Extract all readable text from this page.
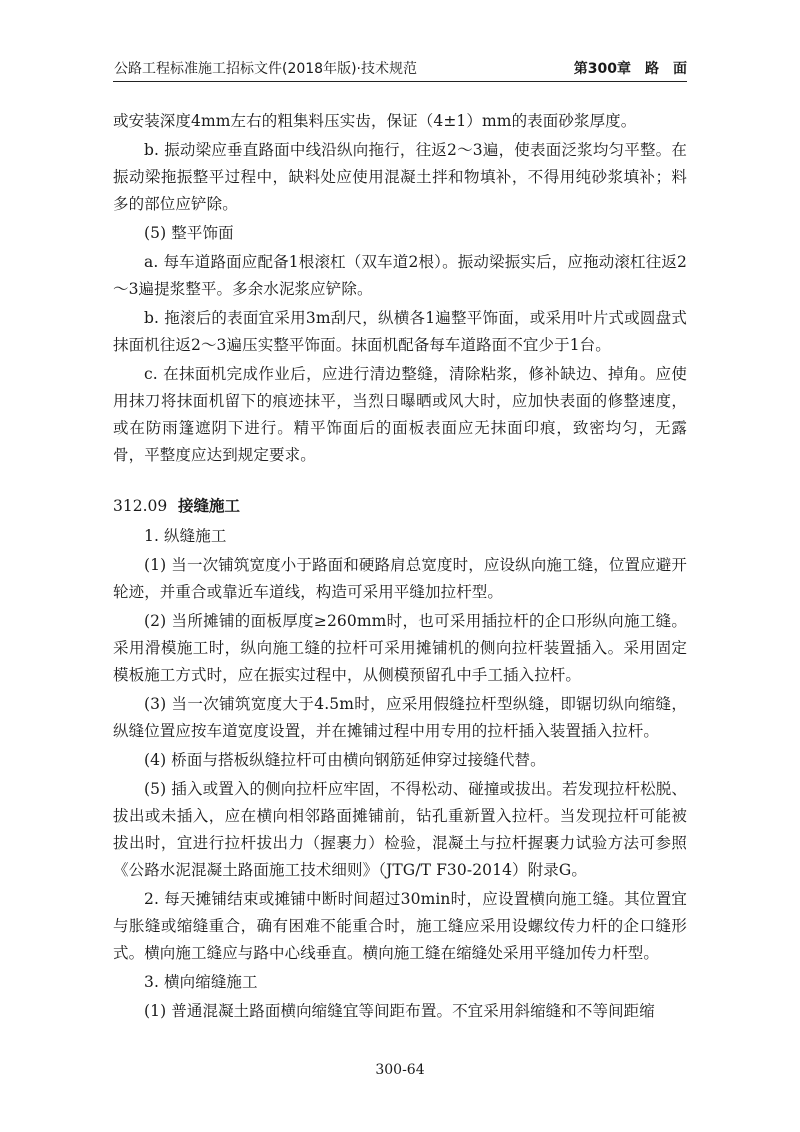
公路工程标准施工招标文件(2018年版)·技术规范	第300章　路　面

或安装深度4mm左右的粗集料压实齿，保证（4±1）mm的表面砂浆厚度。

b. 振动梁应垂直路面中线沿纵向拖行，往返2～3遍，使表面泛浆均匀平整。在振动梁拖振整平过程中，缺料处应使用混凝土拌和物填补，不得用纯砂浆填补；料多的部位应铲除。

(5) 整平饰面

a. 每车道路面应配备1根滚杠（双车道2根）。振动梁振实后，应拖动滚杠往返2～3遍提浆整平。多余水泥浆应铲除。

b. 拖滚后的表面宜采用3m刮尺，纵横各1遍整平饰面，或采用叶片式或圆盘式抹面机往返2～3遍压实整平饰面。抹面机配备每车道路面不宜少于1台。

c. 在抹面机完成作业后，应进行清边整缝，清除粘浆，修补缺边、掉角。应使用抹刀将抹面机留下的痕迹抹平，当烈日曝晒或风大时，应加快表面的修整速度，或在防雨篷遮阴下进行。精平饰面后的面板表面应无抹面印痕，致密均匀，无露骨，平整度应达到规定要求。

312.09 接缝施工

1. 纵缝施工

(1) 当一次铺筑宽度小于路面和硬路肩总宽度时，应设纵向施工缝，位置应避开轮迹，并重合或靠近车道线，构造可采用平缝加拉杆型。

(2) 当所摊铺的面板厚度≥260mm时，也可采用插拉杆的企口形纵向施工缝。采用滑模施工时，纵向施工缝的拉杆可采用摊铺机的侧向拉杆装置插入。采用固定模板施工方式时，应在振实过程中，从侧模预留孔中手工插入拉杆。

(3) 当一次铺筑宽度大于4.5m时，应采用假缝拉杆型纵缝，即锯切纵向缩缝，纵缝位置应按车道宽度设置，并在摊铺过程中用专用的拉杆插入装置插入拉杆。

(4) 桥面与搭板纵缝拉杆可由横向钢筋延伸穿过接缝代替。

(5) 插入或置入的侧向拉杆应牢固，不得松动、碰撞或拔出。若发现拉杆松脱、拔出或未插入，应在横向相邻路面摊铺前，钻孔重新置入拉杆。当发现拉杆可能被拔出时，宜进行拉杆拔出力（握裹力）检验，混凝土与拉杆握裹力试验方法可参照《公路水泥混凝土路面施工技术细则》（JTG/T F30-2014）附录G。

2. 每天摊铺结束或摊铺中断时间超过30min时，应设置横向施工缝。其位置宜与胀缝或缩缝重合，确有困难不能重合时，施工缝应采用设螺纹传力杆的企口缝形式。横向施工缝应与路中心线垂直。横向施工缝在缩缝处采用平缝加传力杆型。

3. 横向缩缝施工

(1) 普通混凝土路面横向缩缝宜等间距布置。不宜采用斜缩缝和不等间距缩

300-64
